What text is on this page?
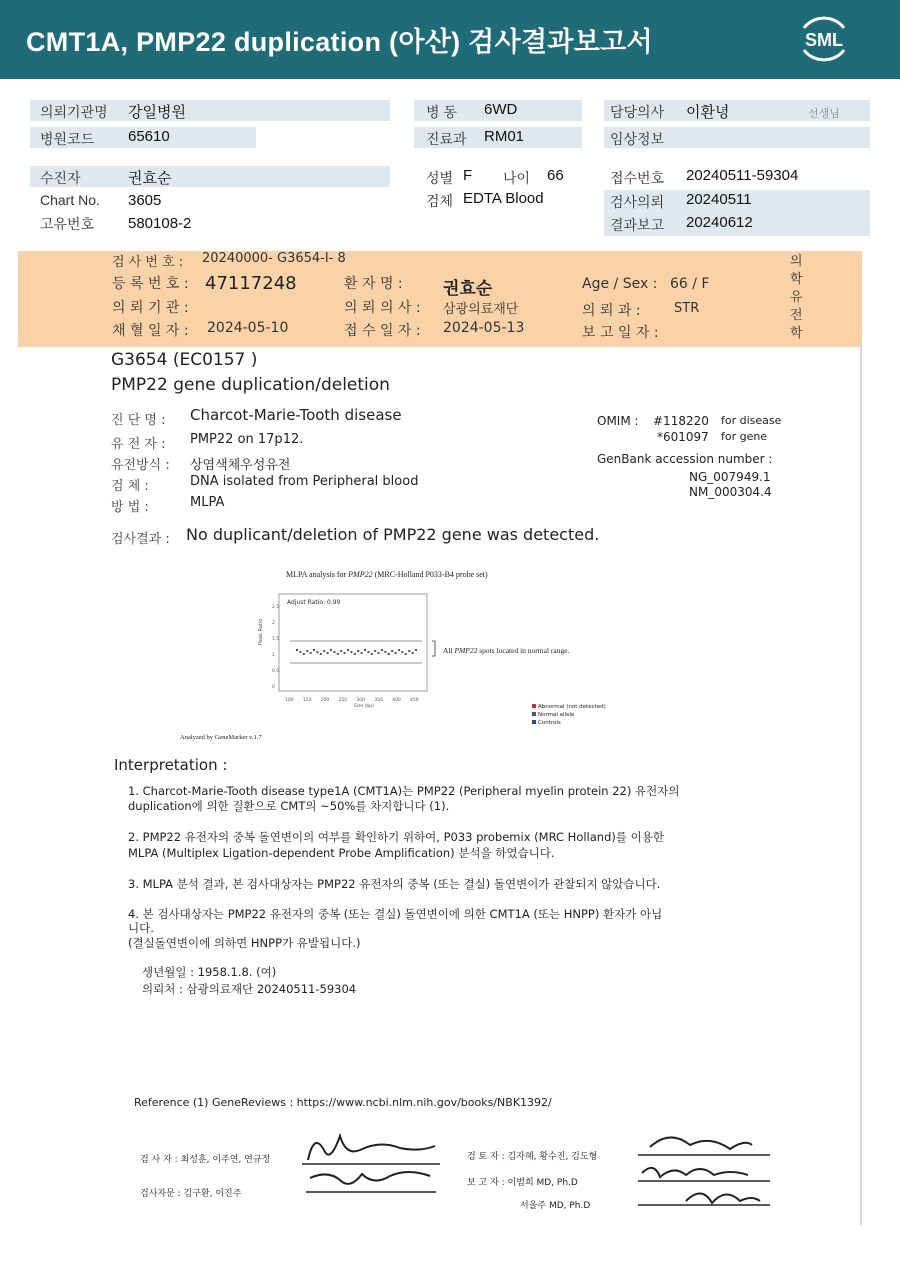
CMT1A, PMP22 duplication (아산) 검사결과보고서	SML
의뢰기관명 강일병원
병원코드 65610
수진자	권효순
Chart No. 3605
고유번호 580108-2
병 동 6WD
진료과 RM01
성별 F 나이 66
검체 EDTA Blood
담당의사 이환녕	선생님
임상정보
접수번호 20240511-59304
검사의뢰 20240511
결과보고 20240612
검 사 번 호 : 20240000- G3654-I- 8
등 록 번 호 : 47117248	환 자 명 : 권효순	Age / Sex : 66 / F
의 뢰 기 관 :	의 뢰 의 사 : 삼광의료재단	의 뢰 과 :	STR
채 혈 일 자 : 2024-05-10	접 수 일 자 : 2024-05-13	보 고 일 자 :
의
학
유
전
학
G3654 (EC0157 )
PMP22 gene duplication/deletion
진 단 명 : Charcot-Marie-Tooth disease
유 전 자 : PMP22 on 17p12.
유전방식 : 상염색체우성유전
검 체 :	DNA isolated from Peripheral blood
방 법 :	MLPA
OMIM : #118220 for disease
*601097 for gene
GenBank accession number :
NG_007949.1
NM_000304.4
검사결과 : No duplicant/deletion of PMP22 gene was detected.
MLPA analysis for PMP22 (MRC-Holland P033-B4 probe set)
Adjust Ratio: 0.99
Peak Ratio
2.5
2
1.5
1
0.5
0
100 150 200 250 300 350 400 450
Size (bp)
All PMP22 spots located in normal range.
Abnormal (not detected)
Normal allele
Controls
Analyzed by GeneMarker v.1.7
Interpretation :
1. Charcot-Marie-Tooth disease type1A (CMT1A)는 PMP22 (Peripheral myelin protein 22) 유전자의
duplication에 의한 질환으로 CMT의 ~50%를 차지합니다 (1).
2. PMP22 유전자의 중복 돌연변이의 여부를 확인하기 위하여, P033 probemix (MRC Holland)를 이용한
MLPA (Multiplex Ligation-dependent Probe Amplification) 분석을 하였습니다.
3. MLPA 분석 결과, 본 검사대상자는 PMP22 유전자의 중복 (또는 결실) 돌연변이가 관찰되지 않았습니다.
4. 본 검사대상자는 PMP22 유전자의 중복 (또는 결실) 돌연변이에 의한 CMT1A (또는 HNPP) 환자가 아닙
니다.
(결실돌연변이에 의하면 HNPP가 유발됩니다.)
생년월일 : 1958.1.8. (여)
의뢰처 : 삼광의료재단 20240511-59304
Reference (1) GeneReviews : https://www.ncbi.nlm.nih.gov/books/NBK1392/
검 사 자 : 최성훈, 이주연, 연규정
검사자문 : 김구환, 이진주
검 토 자 : 김자혜, 황수진, 김도형
보 고 자 : 이범희 MD, Ph.D
서을주 MD, Ph.D
